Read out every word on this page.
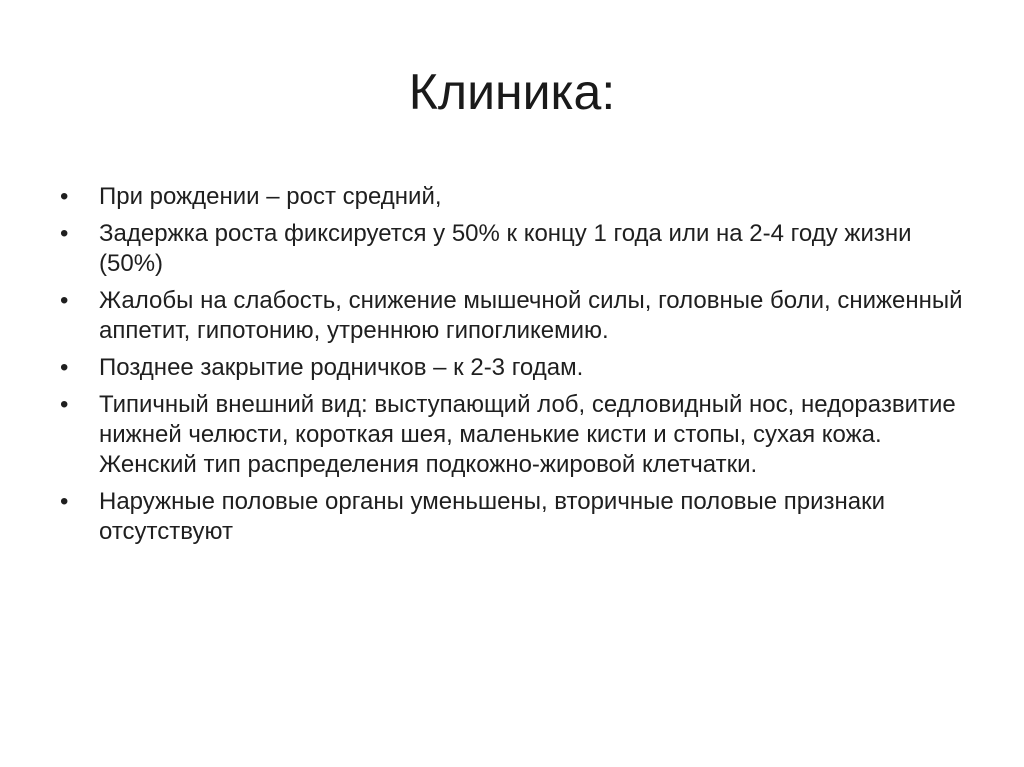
Клиника:
•	При рождении – рост средний,
•	Задержка роста фиксируется у 50% к концу 1 года или на 2-4 году жизни (50%)
•	Жалобы на слабость, снижение мышечной силы, головные боли, сниженный аппетит, гипотонию, утреннюю гипогликемию.
•	Позднее закрытие родничков – к 2-3 годам.
•	Типичный внешний вид: выступающий лоб, седловидный нос, недоразвитие нижней челюсти, короткая шея, маленькие кисти и стопы, сухая кожа. Женский тип распределения подкожно-жировой клетчатки.
•	Наружные половые органы уменьшены, вторичные половые признаки отсутствуют
